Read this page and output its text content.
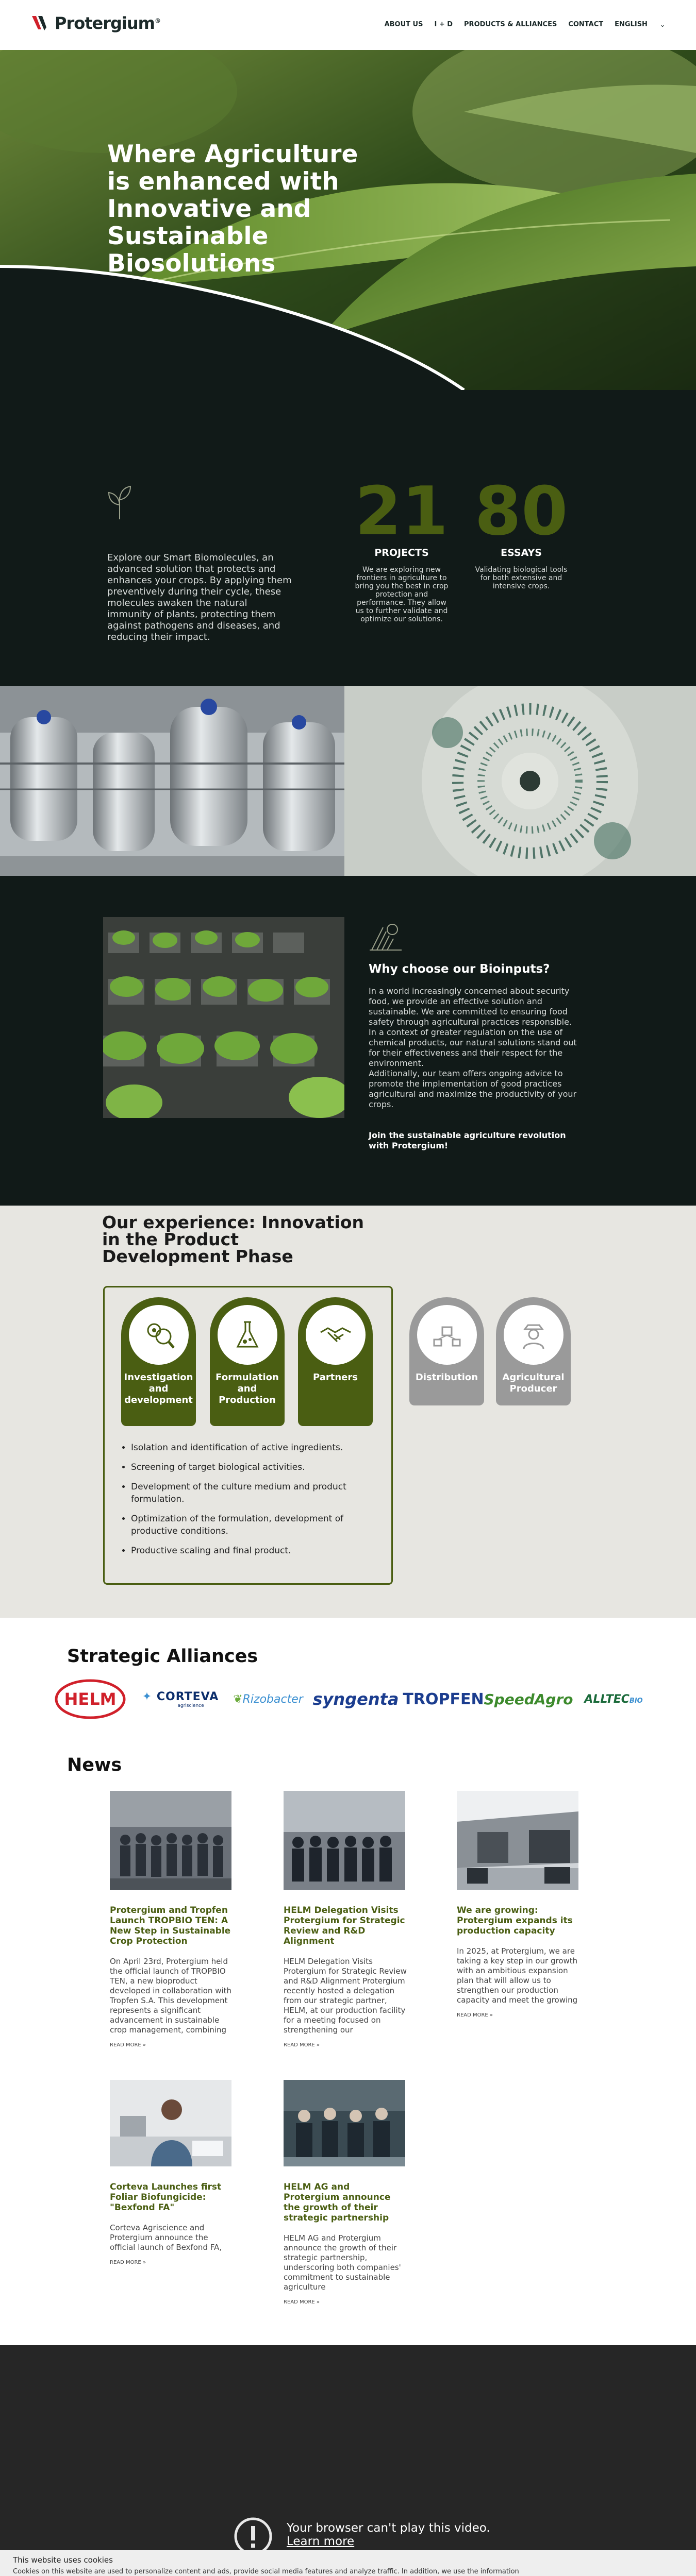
Protergium®	ABOUT US I + D PRODUCTS & ALLIANCES CONTACT ENGLISH ⌄
Where Agriculture is enhanced with Innovative and Sustainable Biosolutions
Explore our Smart Biomolecules, an advanced solution that protects and enhances your crops. By applying them preventively during their cycle, these molecules awaken the natural immunity of plants, protecting them against pathogens and diseases, and reducing their impact.
21
PROJECTS
We are exploring new frontiers in agriculture to bring you the best in crop protection and performance. They allow us to further validate and optimize our solutions.
80
ESSAYS
Validating biological tools for both extensive and intensive crops.
Why choose our Bioinputs?
In a world increasingly concerned about security food, we provide an effective solution and sustainable. We are committed to ensuring food safety through agricultural practices responsible. In a context of greater regulation on the use of chemical products, our natural solutions stand out for their effectiveness and their respect for the environment.
Additionally, our team offers ongoing advice to promote the implementation of good practices agricultural and maximize the productivity of your crops.
Join the sustainable agriculture revolution with Protergium!
Our experience: Innovation in the Product Development Phase
Investigation and development
Formulation and Production
Partners	Distribution	Agricultural Producer
• Isolation and identification of active ingredients.
• Screening of target biological activities.
• Development of the culture medium and product formulation.
• Optimization of the formulation, development of productive conditions.
• Productive scaling and final product.
Strategic Alliances
HELM ✦ CORTEVA
agriscience	❦Rizobacter syngenta TROPFEN SpeedAgro ALLTECBIO
News
Protergium and Tropfen Launch TROPBIO TEN: A New Step in Sustainable Crop Protection
On April 23rd, Protergium held the official launch of TROPBIO TEN, a new bioproduct developed in collaboration with Tropfen S.A. This development represents a significant advancement in sustainable crop management, combining
READ MORE »
HELM Delegation Visits Protergium for Strategic Review and R&D Alignment
HELM Delegation Visits Protergium for Strategic Review and R&D Alignment Protergium recently hosted a delegation from our strategic partner, HELM, at our production facility for a meeting focused on strengthening our
READ MORE »
We are growing: Protergium expands its production capacity
In 2025, at Protergium, we are taking a key step in our growth with an ambitious expansion plan that will allow us to strengthen our production capacity and meet the growing
READ MORE »
Corteva Launches first Foliar Biofungicide: "Bexfond FA"
Corteva Agriscience and Protergium announce the official launch of Bexfond FA,
READ MORE »
HELM AG and Protergium announce the growth of their strategic partnership
HELM AG and Protergium announce the growth of their strategic partnership, underscoring both companies' commitment to sustainable agriculture
READ MORE »
Your browser can't play this video.
Learn more
This website uses cookies
Cookies on this website are used to personalize content and ads, provide social media features and analyze traffic. In addition, we use the information
